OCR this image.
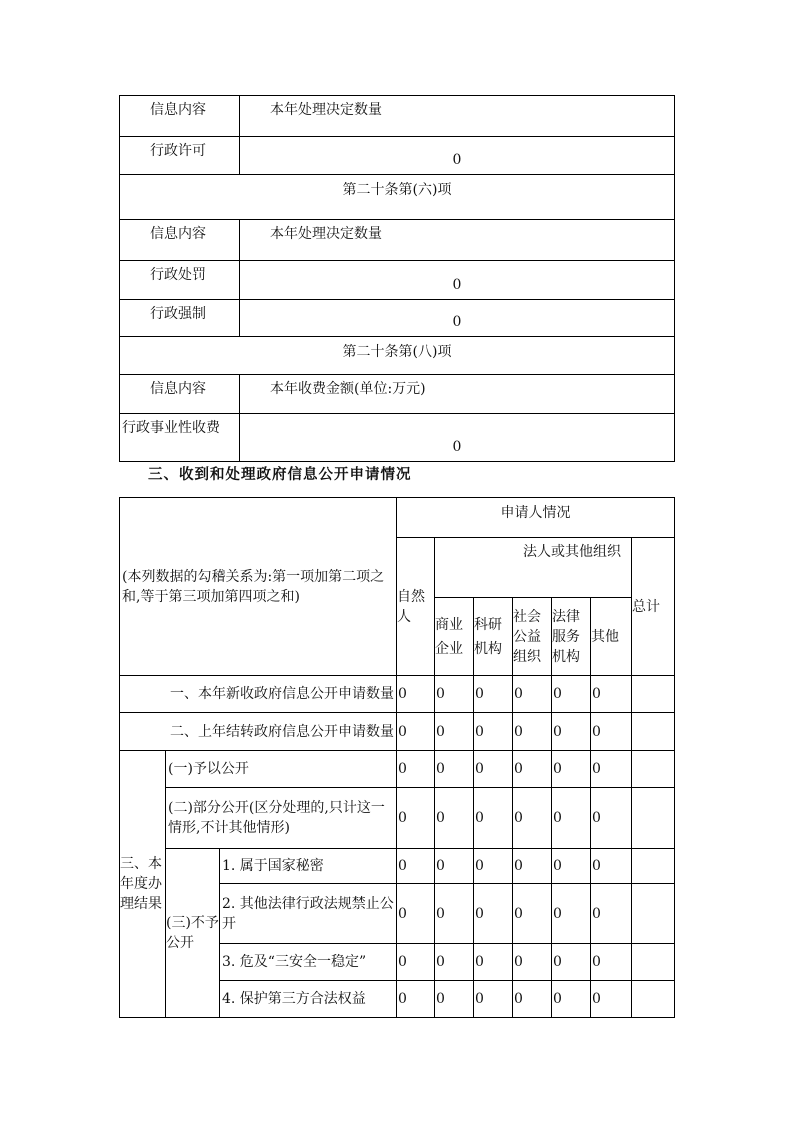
信息内容	本年处理决定数量
行政许可	0
第二十条第(六)项	
信息内容	本年处理决定数量
行政处罚	0
行政强制	0
第二十条第(八)项	
信息内容	本年收费金额(单位:万元)
行政事业性收费	0
三、收到和处理政府信息公开申请情况
(本列数据的勾稽关系为:第一项加第二项之和,等于第三项加第四项之和)			申请人情况						
			自然人	法人或其他组织					总计
				商业企业	科研机构	社会公益组织	法律服务机构	其他	
一、本年新收政府信息公开申请数量			0	0	0	0	0	0	
二、上年结转政府信息公开申请数量			0	0	0	0	0	0	
三、本年度办理结果	(一)予以公开		0	0	0	0	0	0	
	(二)部分公开(区分处理的,只计这一情形,不计其他情形)		0	0	0	0	0	0	
	(三)不予公开	1. 属于国家秘密	0	0	0	0	0	0	
		2. 其他法律行政法规禁止公开	0	0	0	0	0	0	
		3. 危及“三安全一稳定”	0	0	0	0	0	0	
		4. 保护第三方合法权益	0	0	0	0	0	0	
